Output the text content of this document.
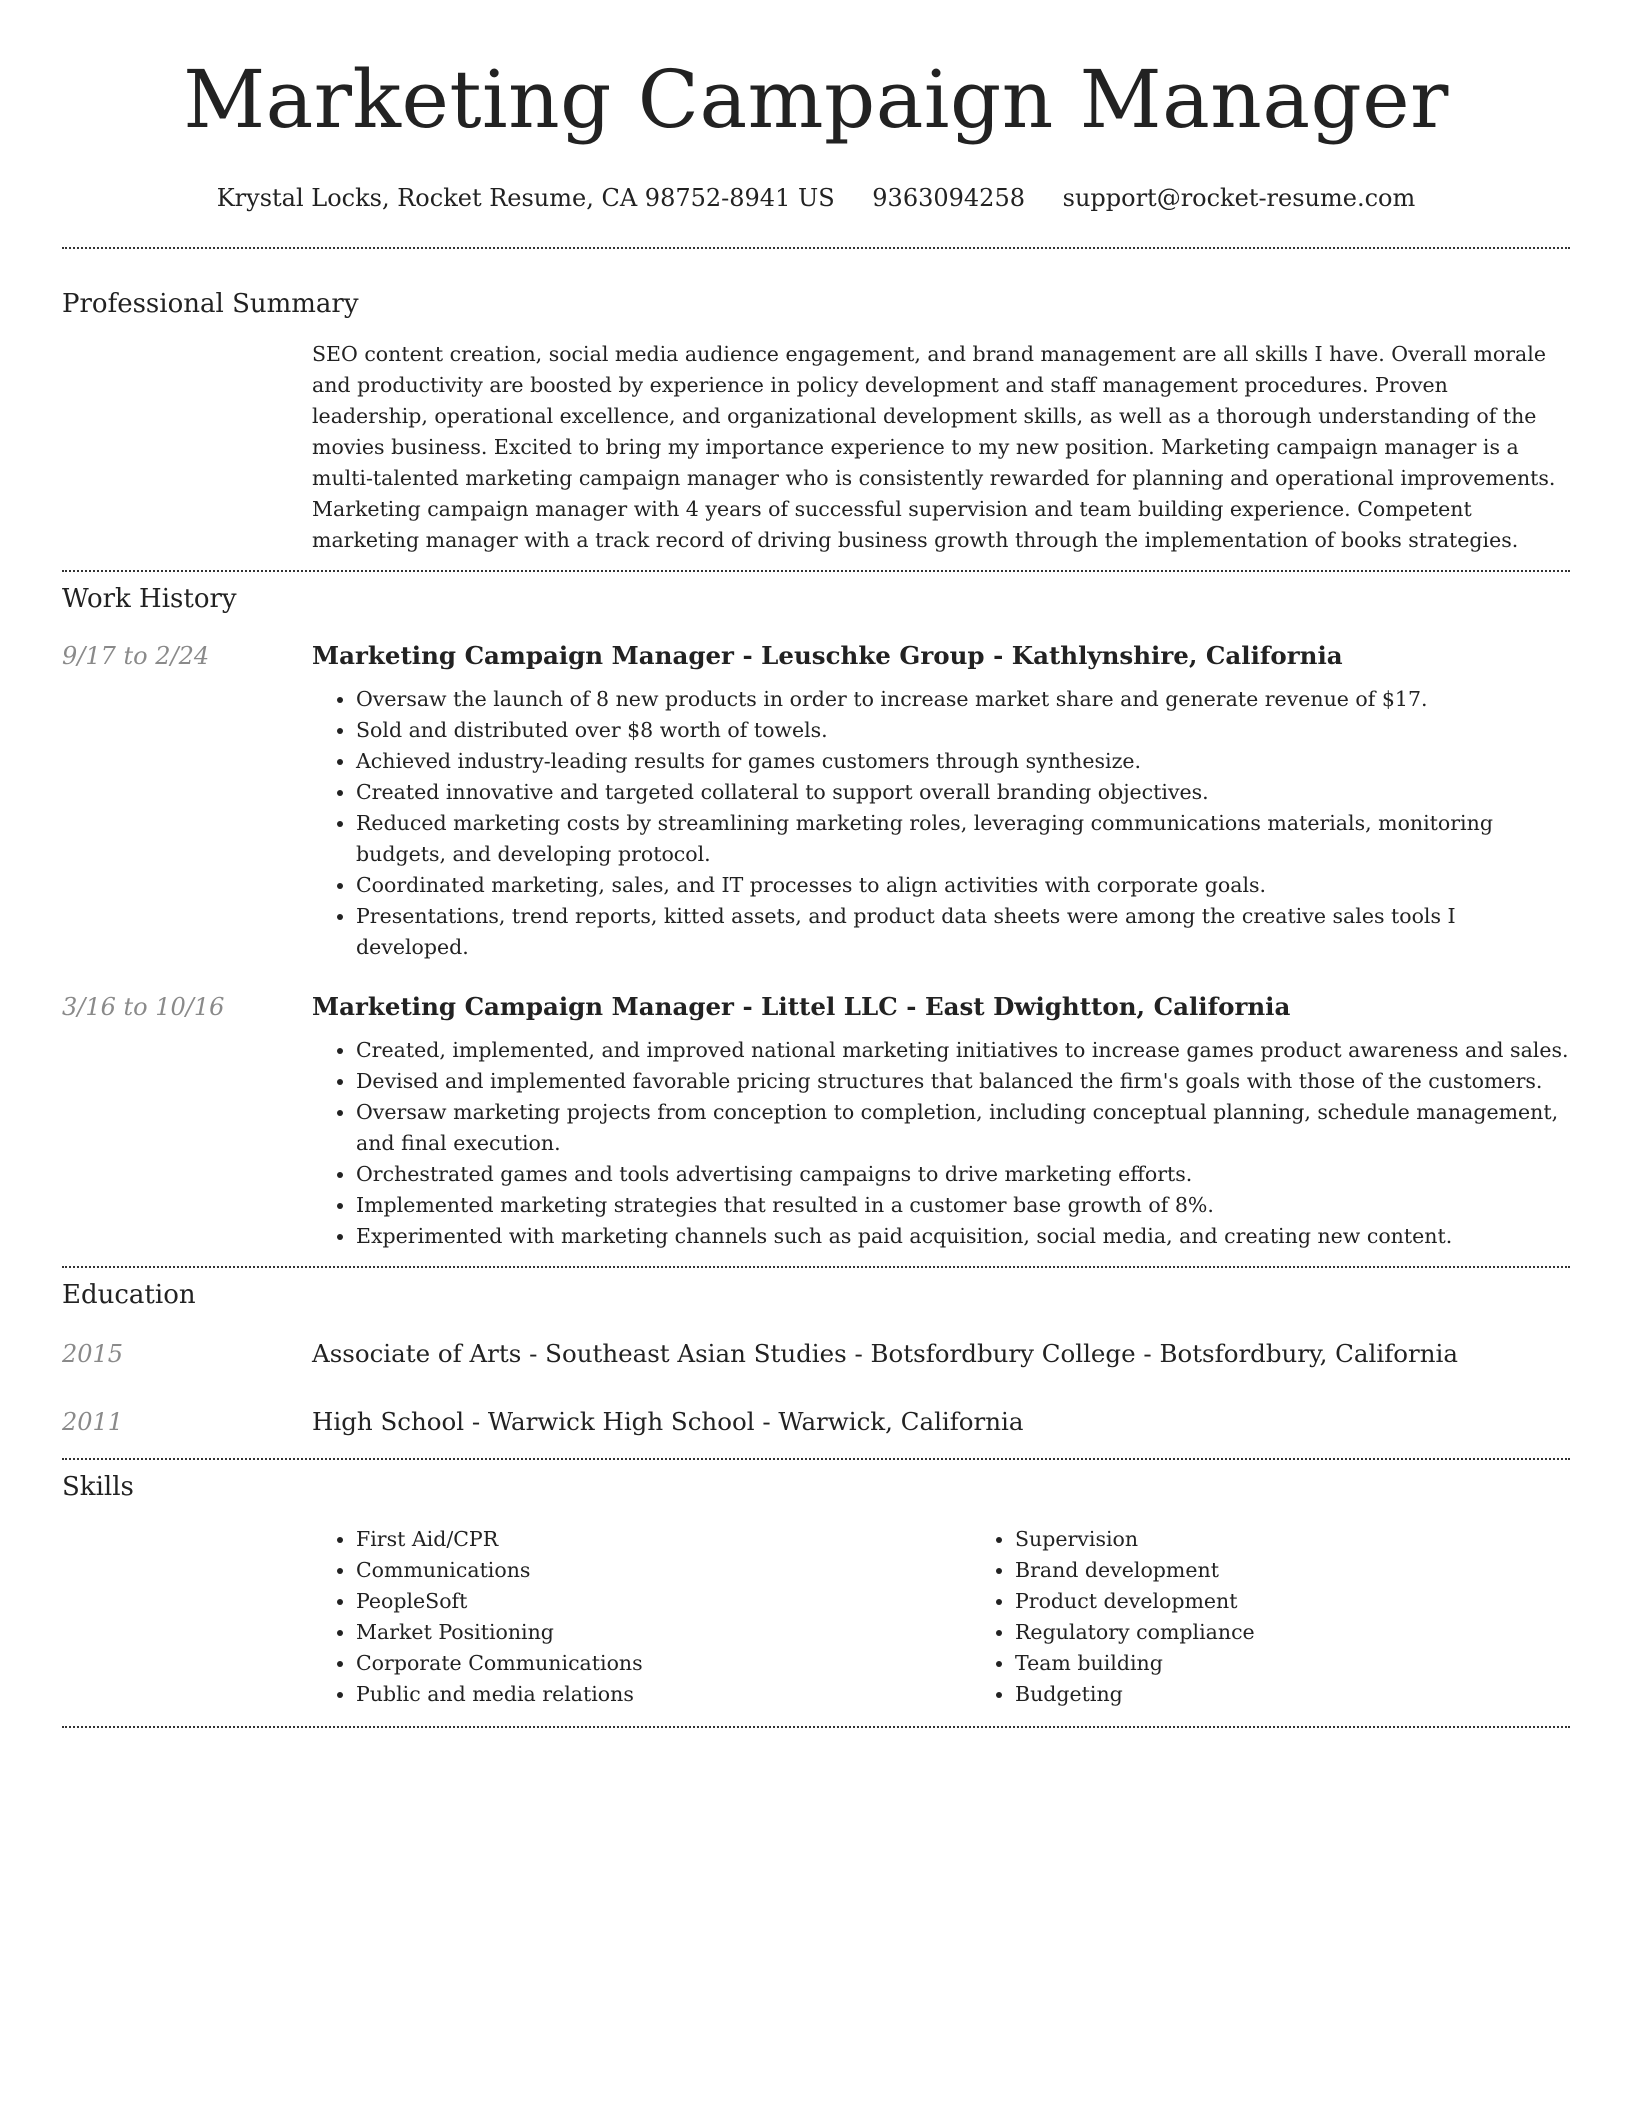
Marketing Campaign Manager
Krystal Locks, Rocket Resume, CA 98752-8941 US 9363094258 support@rocket-resume.com
Professional Summary

SEO content creation, social media audience engagement, and brand management are all skills I have. Overall morale and productivity are boosted by experience in policy development and staff management procedures. Proven leadership, operational excellence, and organizational development skills, as well as a thorough understanding of the movies business. Excited to bring my importance experience to my new position. Marketing campaign manager is a multi-talented marketing campaign manager who is consistently rewarded for planning and operational improvements. Marketing campaign manager with 4 years of successful supervision and team building experience. Competent marketing manager with a track record of driving business growth through the implementation of books strategies.

Work History
9/17 to 2/24	Marketing Campaign Manager - Leuschke Group - Kathlynshire, California
• Oversaw the launch of 8 new products in order to increase market share and generate revenue of $17.
• Sold and distributed over $8 worth of towels.
• Achieved industry-leading results for games customers through synthesize.
• Created innovative and targeted collateral to support overall branding objectives.
• Reduced marketing costs by streamlining marketing roles, leveraging communications materials, monitoring budgets, and developing protocol.
• Coordinated marketing, sales, and IT processes to align activities with corporate goals.
• Presentations, trend reports, kitted assets, and product data sheets were among the creative sales tools I developed.
3/16 to 10/16	Marketing Campaign Manager - Littel LLC - East Dwightton, California
• Created, implemented, and improved national marketing initiatives to increase games product awareness and sales.
• Devised and implemented favorable pricing structures that balanced the firm's goals with those of the customers.
• Oversaw marketing projects from conception to completion, including conceptual planning, schedule management, and final execution.
• Orchestrated games and tools advertising campaigns to drive marketing efforts.
• Implemented marketing strategies that resulted in a customer base growth of 8%.
• Experimented with marketing channels such as paid acquisition, social media, and creating new content.
Education
2015	Associate of Arts - Southeast Asian Studies - Botsfordbury College - Botsfordbury, California
2011	High School - Warwick High School - Warwick, California
Skills
• First Aid/CPR
• Communications
• PeopleSoft
• Market Positioning
• Corporate Communications
• Public and media relations
• Supervision
• Brand development
• Product development
• Regulatory compliance
• Team building
• Budgeting
